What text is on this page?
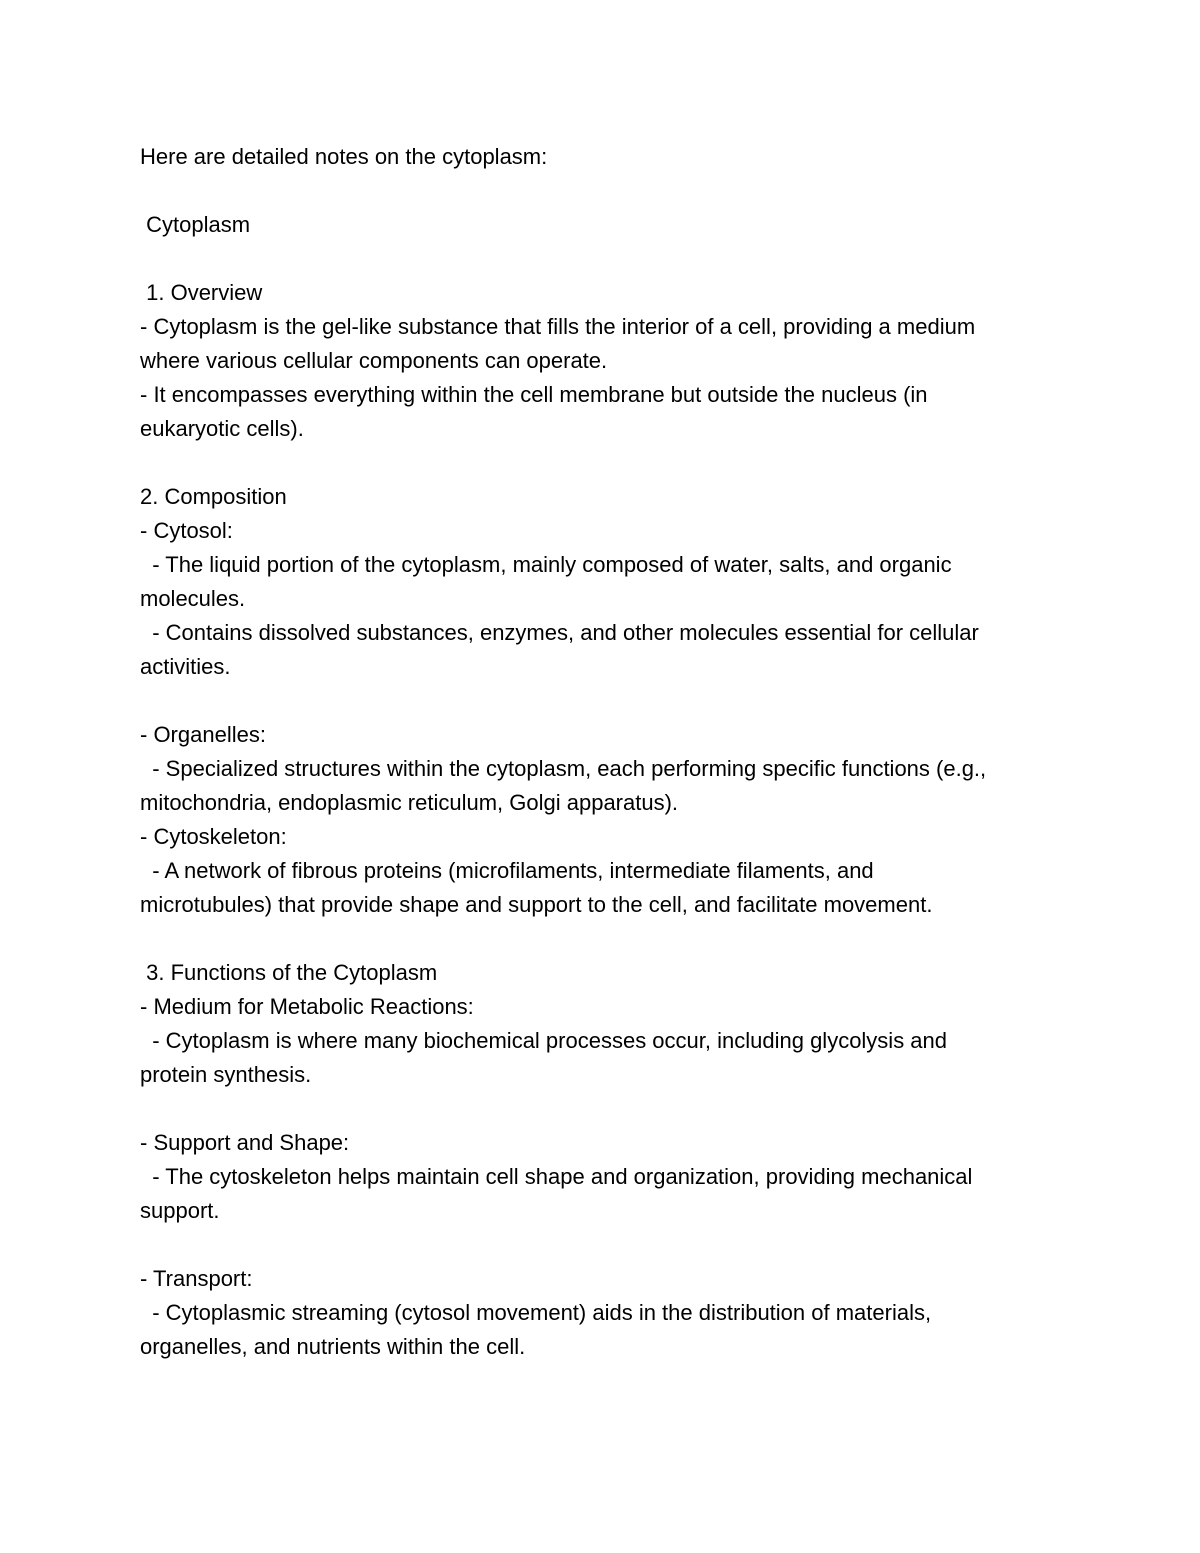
Here are detailed notes on the cytoplasm:
Cytoplasm
1. Overview
- Cytoplasm is the gel-like substance that fills the interior of a cell, providing a medium
where various cellular components can operate.
- It encompasses everything within the cell membrane but outside the nucleus (in
eukaryotic cells).
2. Composition
- Cytosol:
- The liquid portion of the cytoplasm, mainly composed of water, salts, and organic
molecules.
- Contains dissolved substances, enzymes, and other molecules essential for cellular
activities.
- Organelles:
- Specialized structures within the cytoplasm, each performing specific functions (e.g.,
mitochondria, endoplasmic reticulum, Golgi apparatus).
- Cytoskeleton:
- A network of fibrous proteins (microfilaments, intermediate filaments, and
microtubules) that provide shape and support to the cell, and facilitate movement.
3. Functions of the Cytoplasm
- Medium for Metabolic Reactions:
- Cytoplasm is where many biochemical processes occur, including glycolysis and
protein synthesis.
- Support and Shape:
- The cytoskeleton helps maintain cell shape and organization, providing mechanical
support.
- Transport:
- Cytoplasmic streaming (cytosol movement) aids in the distribution of materials,
organelles, and nutrients within the cell.
